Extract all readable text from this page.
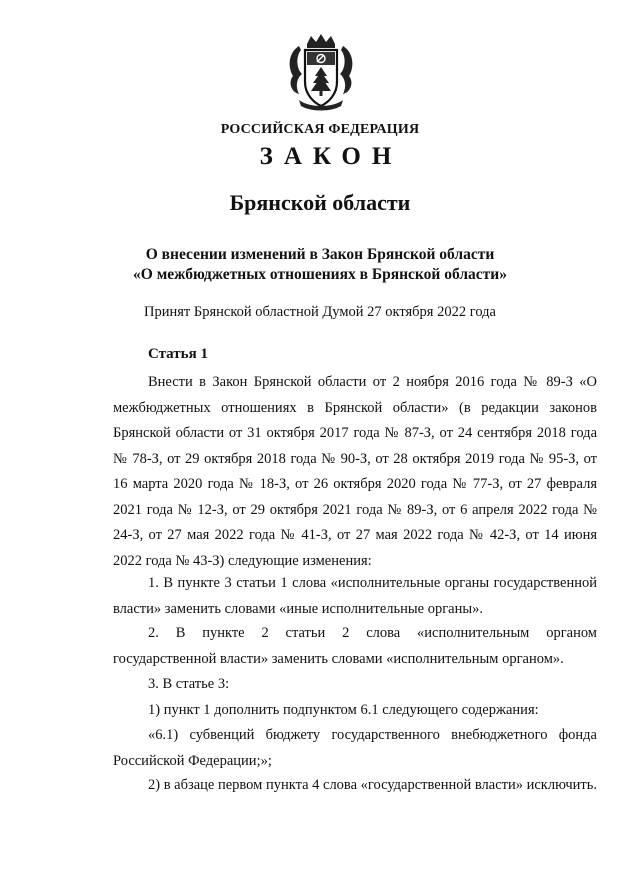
РОССИЙСКАЯ ФЕДЕРАЦИЯ
ЗАКОН
Брянской области
О внесении изменений в Закон Брянской области
«О межбюджетных отношениях в Брянской области»
Принят Брянской областной Думой 27 октября 2022 года
Статья 1

Внести в Закон Брянской области от 2 ноября 2016 года № 89-З «О межбюджетных отношениях в Брянской области» (в редакции законов Брянской области от 31 октября 2017 года № 87-З, от 24 сентября 2018 года № 78-З, от 29 октября 2018 года № 90-З, от 28 октября 2019 года № 95-З, от 16 марта 2020 года № 18-З, от 26 октября 2020 года № 77-З, от 27 февраля 2021 года № 12-З, от 29 октября 2021 года № 89-З, от 6 апреля 2022 года № 24-З, от 27 мая 2022 года № 41-З, от 27 мая 2022 года № 42-З, от 14 июня 2022 года № 43-З) следующие изменения:

1. В пункте 3 статьи 1 слова «исполнительные органы государственной власти» заменить словами «иные исполнительные органы».

2. В пункте 2 статьи 2 слова «исполнительным органом государственной власти» заменить словами «исполнительным органом».

3. В статье 3:

1) пункт 1 дополнить подпунктом 6.1 следующего содержания:

«6.1) субвенций бюджету государственного внебюджетного фонда Российской Федерации;»;

2) в абзаце первом пункта 4 слова «государственной власти» исключить.
